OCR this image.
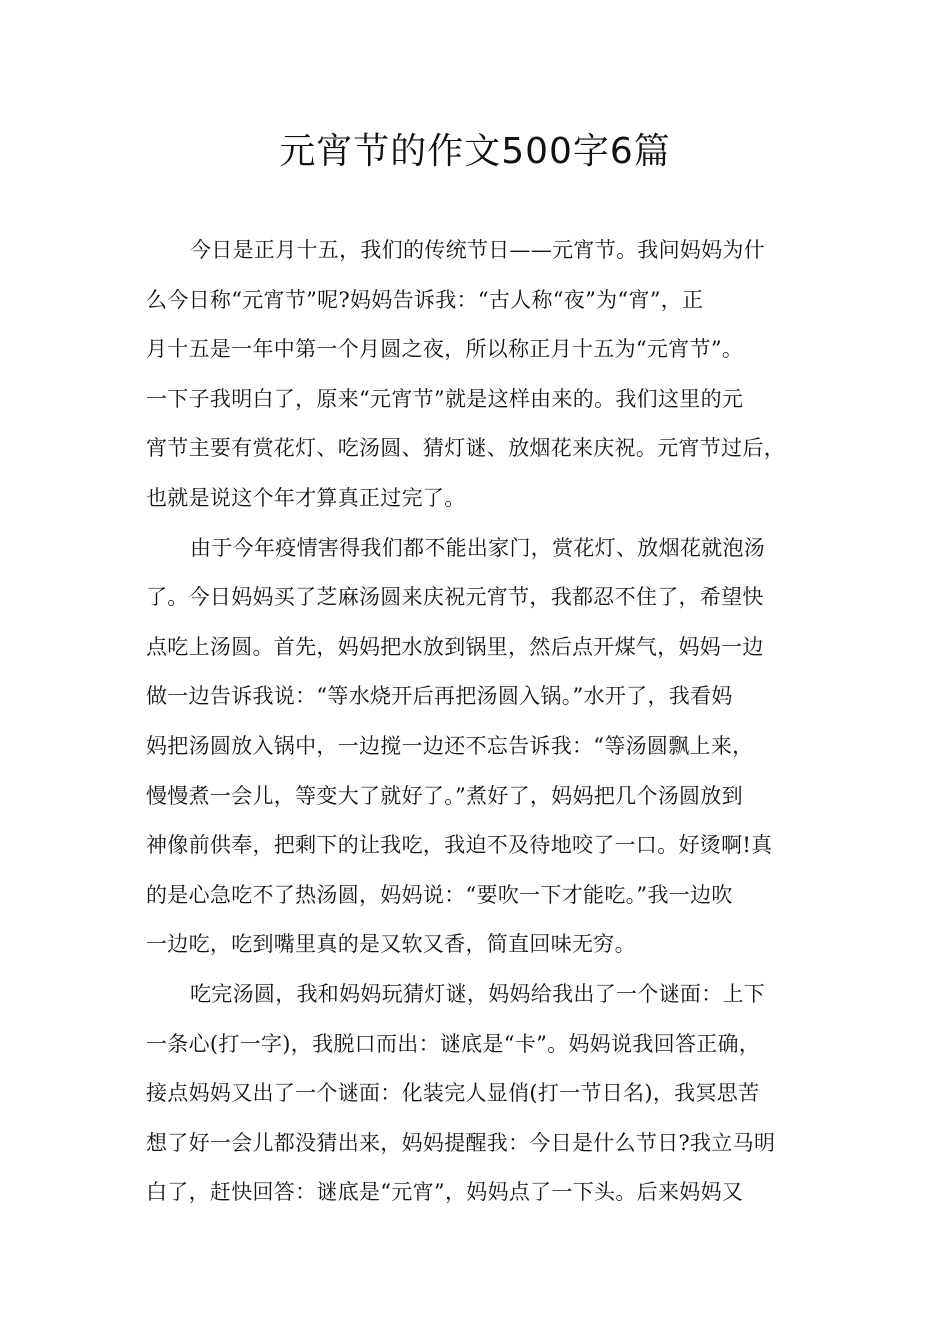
元宵节的作文500字6篇
今日是正月十五，我们的传统节日——元宵节。我问妈妈为什
么今日称“元宵节”呢?妈妈告诉我：“古人称“夜”为“宵”，正
月十五是一年中第一个月圆之夜，所以称正月十五为“元宵节”。
一下子我明白了，原来“元宵节”就是这样由来的。我们这里的元
宵节主要有赏花灯、吃汤圆、猜灯谜、放烟花来庆祝。元宵节过后，
也就是说这个年才算真正过完了。
由于今年疫情害得我们都不能出家门，赏花灯、放烟花就泡汤
了。今日妈妈买了芝麻汤圆来庆祝元宵节，我都忍不住了，希望快
点吃上汤圆。首先，妈妈把水放到锅里，然后点开煤气，妈妈一边
做一边告诉我说：“等水烧开后再把汤圆入锅。”水开了，我看妈
妈把汤圆放入锅中，一边搅一边还不忘告诉我：“等汤圆飘上来，
慢慢煮一会儿，等变大了就好了。”煮好了，妈妈把几个汤圆放到
神像前供奉，把剩下的让我吃，我迫不及待地咬了一口。好烫啊!真
的是心急吃不了热汤圆，妈妈说：“要吹一下才能吃。”我一边吹
一边吃，吃到嘴里真的是又软又香，简直回味无穷。
吃完汤圆，我和妈妈玩猜灯谜，妈妈给我出了一个谜面：上下
一条心(打一字)，我脱口而出：谜底是“卡”。妈妈说我回答正确，
接点妈妈又出了一个谜面：化装完人显俏(打一节日名)，我冥思苦
想了好一会儿都没猜出来，妈妈提醒我：今日是什么节日?我立马明
白了，赶快回答：谜底是“元宵”，妈妈点了一下头。后来妈妈又
